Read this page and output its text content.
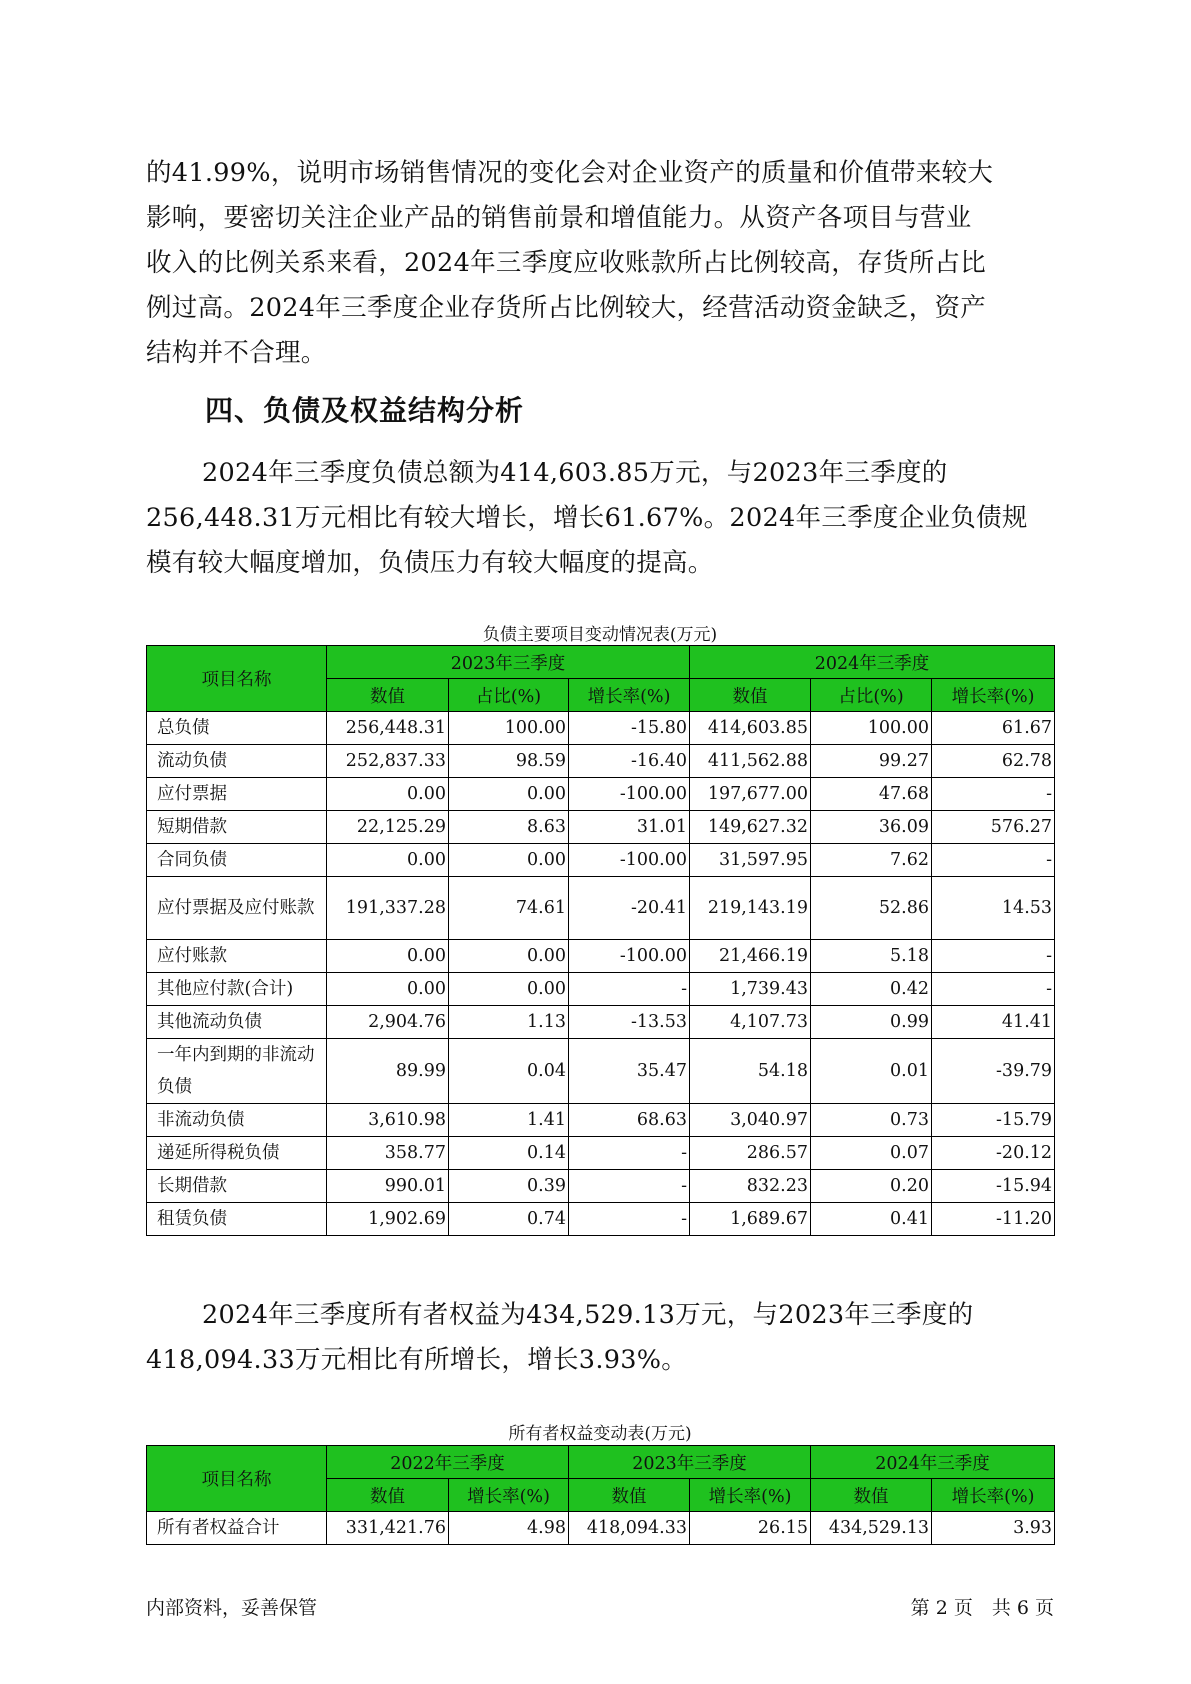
的41.99%，说明市场销售情况的变化会对企业资产的质量和价值带来较大
影响，要密切关注企业产品的销售前景和增值能力。从资产各项目与营业
收入的比例关系来看，2024年三季度应收账款所占比例较高，存货所占比
例过高。2024年三季度企业存货所占比例较大，经营活动资金缺乏，资产
结构并不合理。
四、负债及权益结构分析
2024年三季度负债总额为414,603.85万元，与2023年三季度的
256,448.31万元相比有较大增长，增长61.67%。2024年三季度企业负债规
模有较大幅度增加，负债压力有较大幅度的提高。
负债主要项目变动情况表(万元)
项目名称	2023年三季度			2024年三季度		
	数值	占比(%)	增长率(%)	数值	占比(%)	增长率(%)
总负债	256,448.31	100.00	-15.80	414,603.85	100.00	61.67
流动负债	252,837.33	98.59	-16.40	411,562.88	99.27	62.78
应付票据	0.00	0.00	-100.00	197,677.00	47.68	-
短期借款	22,125.29	8.63	31.01	149,627.32	36.09	576.27
合同负债	0.00	0.00	-100.00	31,597.95	7.62	-
应付票据及应付账款	191,337.28	74.61	-20.41	219,143.19	52.86	14.53
应付账款	0.00	0.00	-100.00	21,466.19	5.18	-
其他应付款(合计)	0.00	0.00	-	1,739.43	0.42	-
其他流动负债	2,904.76	1.13	-13.53	4,107.73	0.99	41.41
一年内到期的非流动负债	89.99	0.04	35.47	54.18	0.01	-39.79
非流动负债	3,610.98	1.41	68.63	3,040.97	0.73	-15.79
递延所得税负债	358.77	0.14	-	286.57	0.07	-20.12
长期借款	990.01	0.39	-	832.23	0.20	-15.94
租赁负债	1,902.69	0.74	-	1,689.67	0.41	-11.20
2024年三季度所有者权益为434,529.13万元，与2023年三季度的
418,094.33万元相比有所增长，增长3.93%。
所有者权益变动表(万元)
项目名称	2022年三季度		2023年三季度		2024年三季度	
	数值	增长率(%)	数值	增长率(%)	数值	增长率(%)
所有者权益合计	331,421.76	4.98	418,094.33	26.15	434,529.13	3.93
内部资料，妥善保管	第 2 页　共 6 页
